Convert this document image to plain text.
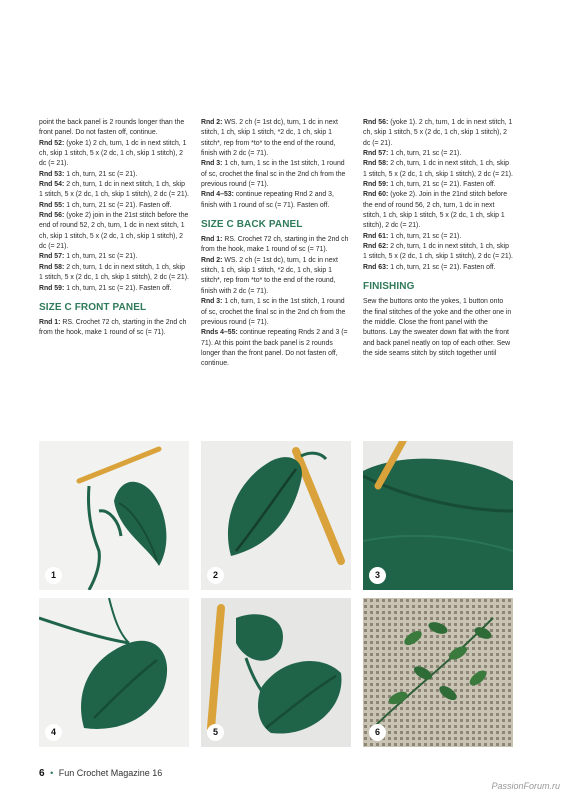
point the back panel is 2 rounds longer than the front panel. Do not fasten off, continue.

Rnd 52: (yoke 1) 2 ch, turn, 1 dc in next stitch, 1 ch, skip 1 stitch, 5 x (2 dc, 1 ch, skip 1 stitch), 2 dc (= 21).

Rnd 53: 1 ch, turn, 21 sc (= 21).

Rnd 54: 2 ch, turn, 1 dc in next stitch, 1 ch, skip 1 stitch, 5 x (2 dc, 1 ch, skip 1 stitch), 2 dc (= 21).

Rnd 55: 1 ch, turn, 21 sc (= 21). Fasten off.

Rnd 56: (yoke 2) join in the 21st stitch before the end of round 52, 2 ch, turn, 1 dc in next stitch, 1 ch, skip 1 stitch, 5 x (2 dc, 1 ch, skip 1 stitch), 2 dc (= 21).

Rnd 57: 1 ch, turn, 21 sc (= 21).

Rnd 58: 2 ch, turn, 1 dc in next stitch, 1 ch, skip 1 stitch, 5 x (2 dc, 1 ch, skip 1 stitch), 2 dc (= 21).

Rnd 59: 1 ch, turn, 21 sc (= 21). Fasten off.

SIZE C FRONT PANEL

Rnd 1: RS. Crochet 72 ch, starting in the 2nd ch from the hook, make 1 round of sc (= 71).

Rnd 2: WS. 2 ch (= 1st dc), turn, 1 dc in next stitch, 1 ch, skip 1 stitch, *2 dc, 1 ch, skip 1 stitch*, rep from *to* to the end of the round, finish with 2 dc (= 71).

Rnd 3: 1 ch, turn, 1 sc in the 1st stitch, 1 round of sc, crochet the final sc in the 2nd ch from the previous round (= 71).

Rnd 4–53: continue repeating Rnd 2 and 3, finish with 1 round of sc (= 71). Fasten off.

SIZE C BACK PANEL

Rnd 1: RS. Crochet 72 ch, starting in the 2nd ch from the hook, make 1 round of sc (= 71).

Rnd 2: WS. 2 ch (= 1st dc), turn, 1 dc in next stitch, 1 ch, skip 1 stitch, *2 dc, 1 ch, skip 1 stitch*, rep from *to* to the end of the round, finish with 2 dc (= 71).

Rnd 3: 1 ch, turn, 1 sc in the 1st stitch, 1 round of sc, crochet the final sc in the 2nd ch from the previous round (= 71).

Rnds 4–55: continue repeating Rnds 2 and 3 (= 71). At this point the back panel is 2 rounds longer than the front panel. Do not fasten off, continue.

Rnd 56: (yoke 1). 2 ch, turn, 1 dc in next stitch, 1 ch, skip 1 stitch, 5 x (2 dc, 1 ch, skip 1 stitch), 2 dc (= 21).

Rnd 57: 1 ch, turn, 21 sc (= 21).

Rnd 58: 2 ch, turn, 1 dc in next stitch, 1 ch, skip 1 stitch, 5 x (2 dc, 1 ch, skip 1 stitch), 2 dc (= 21).

Rnd 59: 1 ch, turn, 21 sc (= 21). Fasten off.

Rnd 60: (yoke 2). Join in the 21nd stitch before the end of round 56, 2 ch, turn, 1 dc in next stitch, 1 ch, skip 1 stitch, 5 x (2 dc, 1 ch, skip 1 stitch), 2 dc (= 21).

Rnd 61: 1 ch, turn, 21 sc (= 21).

Rnd 62: 2 ch, turn, 1 dc in next stitch, 1 ch, skip 1 stitch, 5 x (2 dc, 1 ch, skip 1 stitch), 2 dc (= 21).

Rnd 63: 1 ch, turn, 21 sc (= 21). Fasten off.

FINISHING

Sew the buttons onto the yokes, 1 button onto the final stitches of the yoke and the other one in the middle. Close the front panel with the buttons. Lay the sweater down flat with the front and back panel neatly on top of each other. Sew the side seams stitch by stitch together until

1	2	3
4	5	6
6 • Fun Crochet Magazine 16
PassionForum.ru
